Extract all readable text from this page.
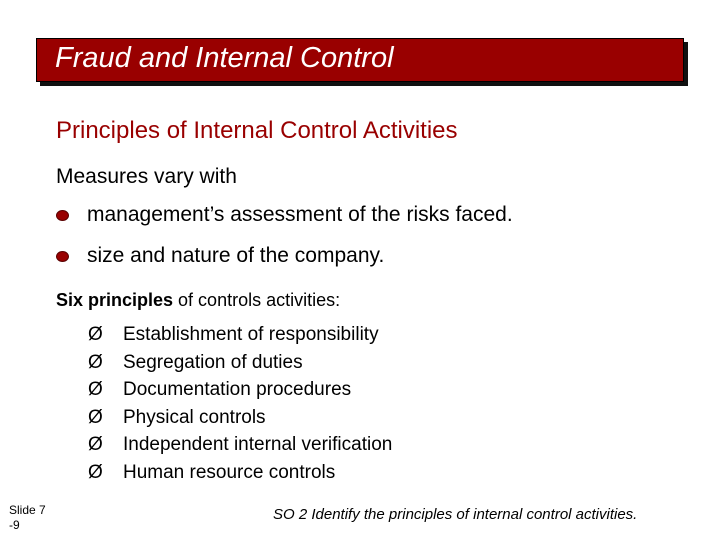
Fraud and Internal Control
Principles of Internal Control Activities
Measures vary with
management’s assessment of the risks faced.
size and nature of the company.
Six principles of controls activities:
Ø	Establishment of responsibility
Ø	Segregation of duties
Ø	Documentation procedures
Ø	Physical controls
Ø	Independent internal verification
Ø	Human resource controls
Slide 7
-9
SO 2 Identify the principles of internal control activities.
